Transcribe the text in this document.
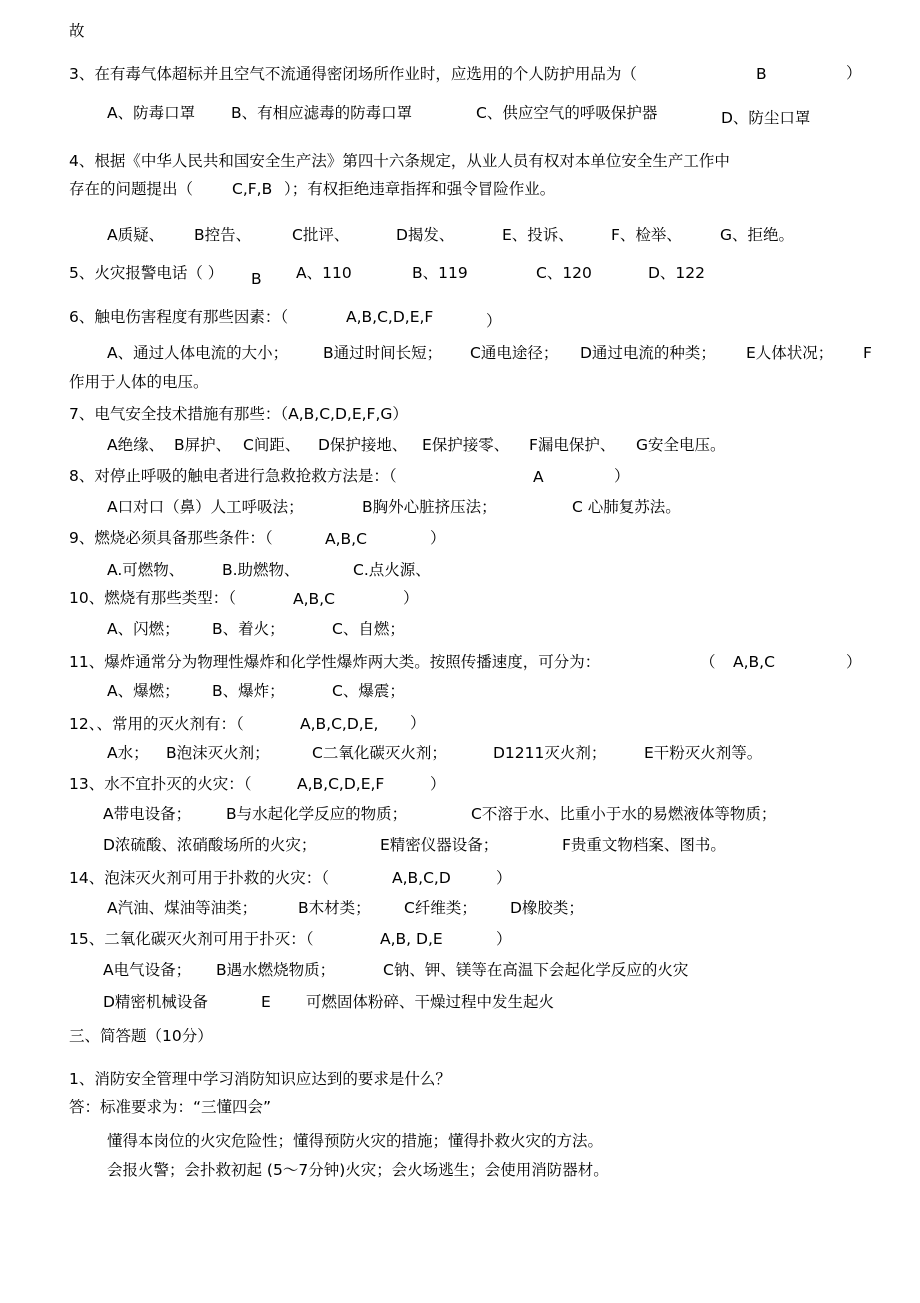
故
3、在有毒气体超标并且空气不流通得密闭场所作业时，应选用的个人防护用品为（	B	）
A、防毒口罩 B、有相应滤毒的防毒口罩	C、供应空气的呼吸保护器	D、防尘口罩
4、根据《中华人民共和国安全生产法》第四十六条规定，从业人员有权对本单位安全生产工作中
存在的问题提出（	C,F,B ）；有权拒绝违章指挥和强令冒险作业。
A质疑、 B控告、	C批评、	D揭发、	E、投诉、 F、检举、 G、拒绝。
5、火灾报警电话（ ） B A、110	B、119	C、120	D、122
6、触电伤害程度有那些因素：（	A,B,C,D,E,F	）
A、通过人体电流的大小； B通过时间长短； C通电途径； D通过电流的种类； E人体状况； F
作用于人体的电压。
7、电气安全技术措施有那些：（A,B,C,D,E,F,G）
A绝缘、 B屏护、 C间距、 D保护接地、 E保护接零、 F漏电保护、 G安全电压。
8、对停止呼吸的触电者进行急救抢救方法是：（	A	）
A口对口（鼻）人工呼吸法；	B胸外心脏挤压法；	C 心肺复苏法。
9、燃烧必须具备那些条件：（	A,B,C	）
A.可燃物、 B.助燃物、	C.点火源、
10、燃烧有那些类型：（	A,B,C	）
A、闪燃； B、着火；	C、自燃；
11、爆炸通常分为物理性爆炸和化学性爆炸两大类。按照传播速度，可分为：	（ A,B,C	）
A、爆燃； B、爆炸；	C、爆震；
12、、常用的灭火剂有：（	A,B,C,D,E, ）
A水； B泡沫灭火剂；	C二氧化碳灭火剂；	D1211灭火剂； E干粉灭火剂等。
13、水不宜扑灭的火灾：（	A,B,C,D,E,F	）
A带电设备； B与水起化学反应的物质；	C不溶于水、比重小于水的易燃液体等物质；
D浓硫酸、浓硝酸场所的火灾；	E精密仪器设备；	F贵重文物档案、图书。
14、泡沫灭火剂可用于扑救的火灾：（	A,B,C,D	）
A汽油、煤油等油类；	B木材类； C纤维类； D橡胶类；
15、二氧化碳灭火剂可用于扑灭：（	A,B, D,E	）
A电气设备； B遇水燃烧物质；	C钠、钾、镁等在高温下会起化学反应的火灾
D精密机械设备	E 可燃固体粉碎、干燥过程中发生起火
三、简答题（10分）
1、消防安全管理中学习消防知识应达到的要求是什么？
答：标准要求为：“三懂四会”
懂得本岗位的火灾危险性；懂得预防火灾的措施；懂得扑救火灾的方法。
会报火警；会扑救初起 (5～7分钟)火灾；会火场逃生；会使用消防器材。
